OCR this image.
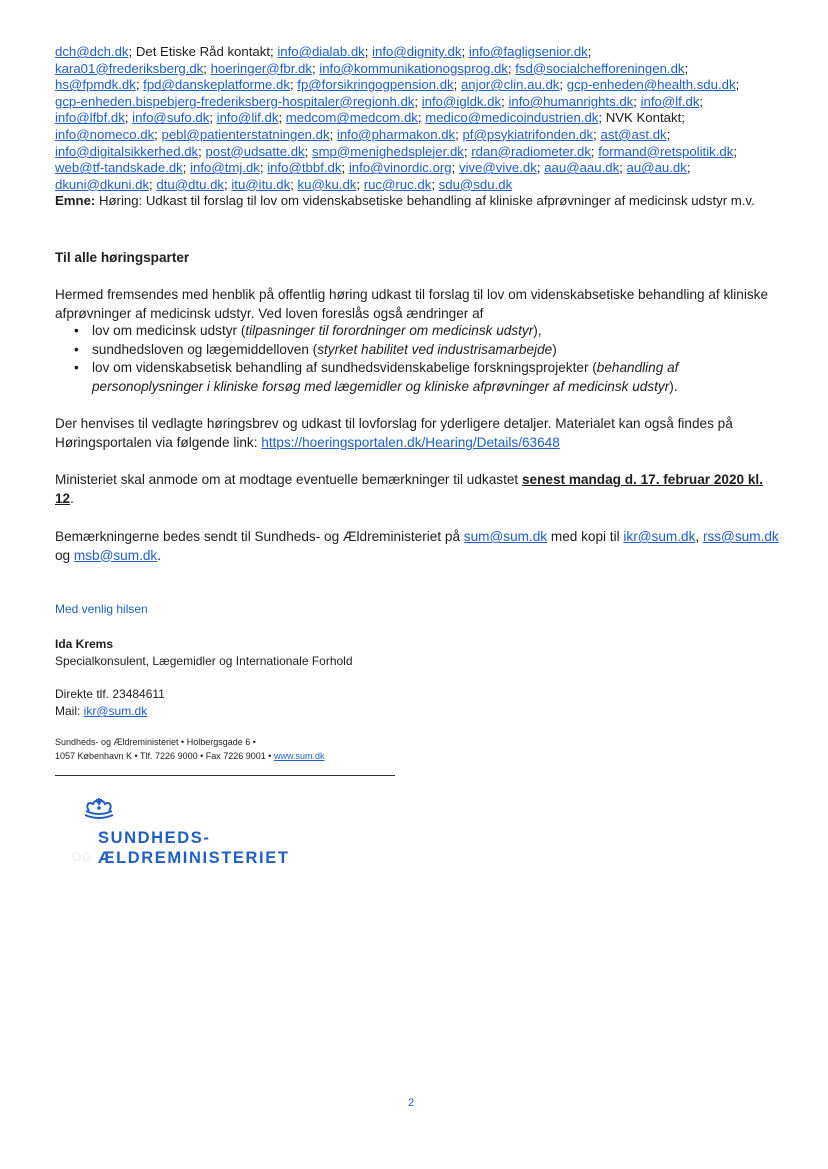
dch@dch.dk; Det Etiske Råd kontakt; info@dialab.dk; info@dignity.dk; info@fagligsenior.dk;
kara01@frederiksberg.dk; hoeringer@fbr.dk; info@kommunikationogsprog.dk; fsd@socialchefforeningen.dk;
hs@fpmdk.dk; fpd@danskeplatforme.dk; fp@forsikringogpension.dk; anjor@clin.au.dk; gcp-enheden@health.sdu.dk;
gcp-enheden.bispebjerg-frederiksberg-hospitaler@regionh.dk; info@igldk.dk; info@humanrights.dk; info@lf.dk;
info@lfbf.dk; info@sufo.dk; info@lif.dk; medcom@medcom.dk; medico@medicoindustrien.dk; NVK Kontakt;
info@nomeco.dk; pebl@patienterstatningen.dk; info@pharmakon.dk; pf@psykiatrifonden.dk; ast@ast.dk;
info@digitalsikkerhed.dk; post@udsatte.dk; smp@menighedsplejer.dk; rdan@radiometer.dk; formand@retspolitik.dk;
web@tf-tandskade.dk; info@tmj.dk; info@tbbf.dk; info@vinordic.org; vive@vive.dk; aau@aau.dk; au@au.dk;
dkuni@dkuni.dk; dtu@dtu.dk; itu@itu.dk; ku@ku.dk; ruc@ruc.dk; sdu@sdu.dk
Emne: Høring: Udkast til forslag til lov om videnskabsetiske behandling af kliniske afprøvninger af medicinsk udstyr m.v.
Til alle høringsparter
Hermed fremsendes med henblik på offentlig høring udkast til forslag til lov om videnskabsetiske behandling af kliniske afprøvninger af medicinsk udstyr. Ved loven foreslås også ændringer af
• lov om medicinsk udstyr (tilpasninger til forordninger om medicinsk udstyr),
• sundhedsloven og lægemiddelloven (styrket habilitet ved industrisamarbejde)
• lov om videnskabsetisk behandling af sundhedsvidenskabelige forskningsprojekter (behandling af personoplysninger i kliniske forsøg med lægemidler og kliniske afprøvninger af medicinsk udstyr).
Der henvises til vedlagte høringsbrev og udkast til lovforslag for yderligere detaljer. Materialet kan også findes på Høringsportalen via følgende link: https://hoeringsportalen.dk/Hearing/Details/63648
Ministeriet skal anmode om at modtage eventuelle bemærkninger til udkastet senest mandag d. 17. februar 2020 kl. 12.
Bemærkningerne bedes sendt til Sundheds- og Ældreministeriet på sum@sum.dk med kopi til ikr@sum.dk, rss@sum.dk og msb@sum.dk.
Med venlig hilsen
Ida Krems
Specialkonsulent, Lægemidler og Internationale Forhold
Direkte tlf. 23484611
Mail: ikr@sum.dk
Sundheds- og Ældreministeriet • Holbergsgade 6 •
1057 København K • Tlf. 7226 9000 • Fax 7226 9001 • www.sum.dk
OG
SUNDHEDS-
ÆLDREMINISTERIET
2
